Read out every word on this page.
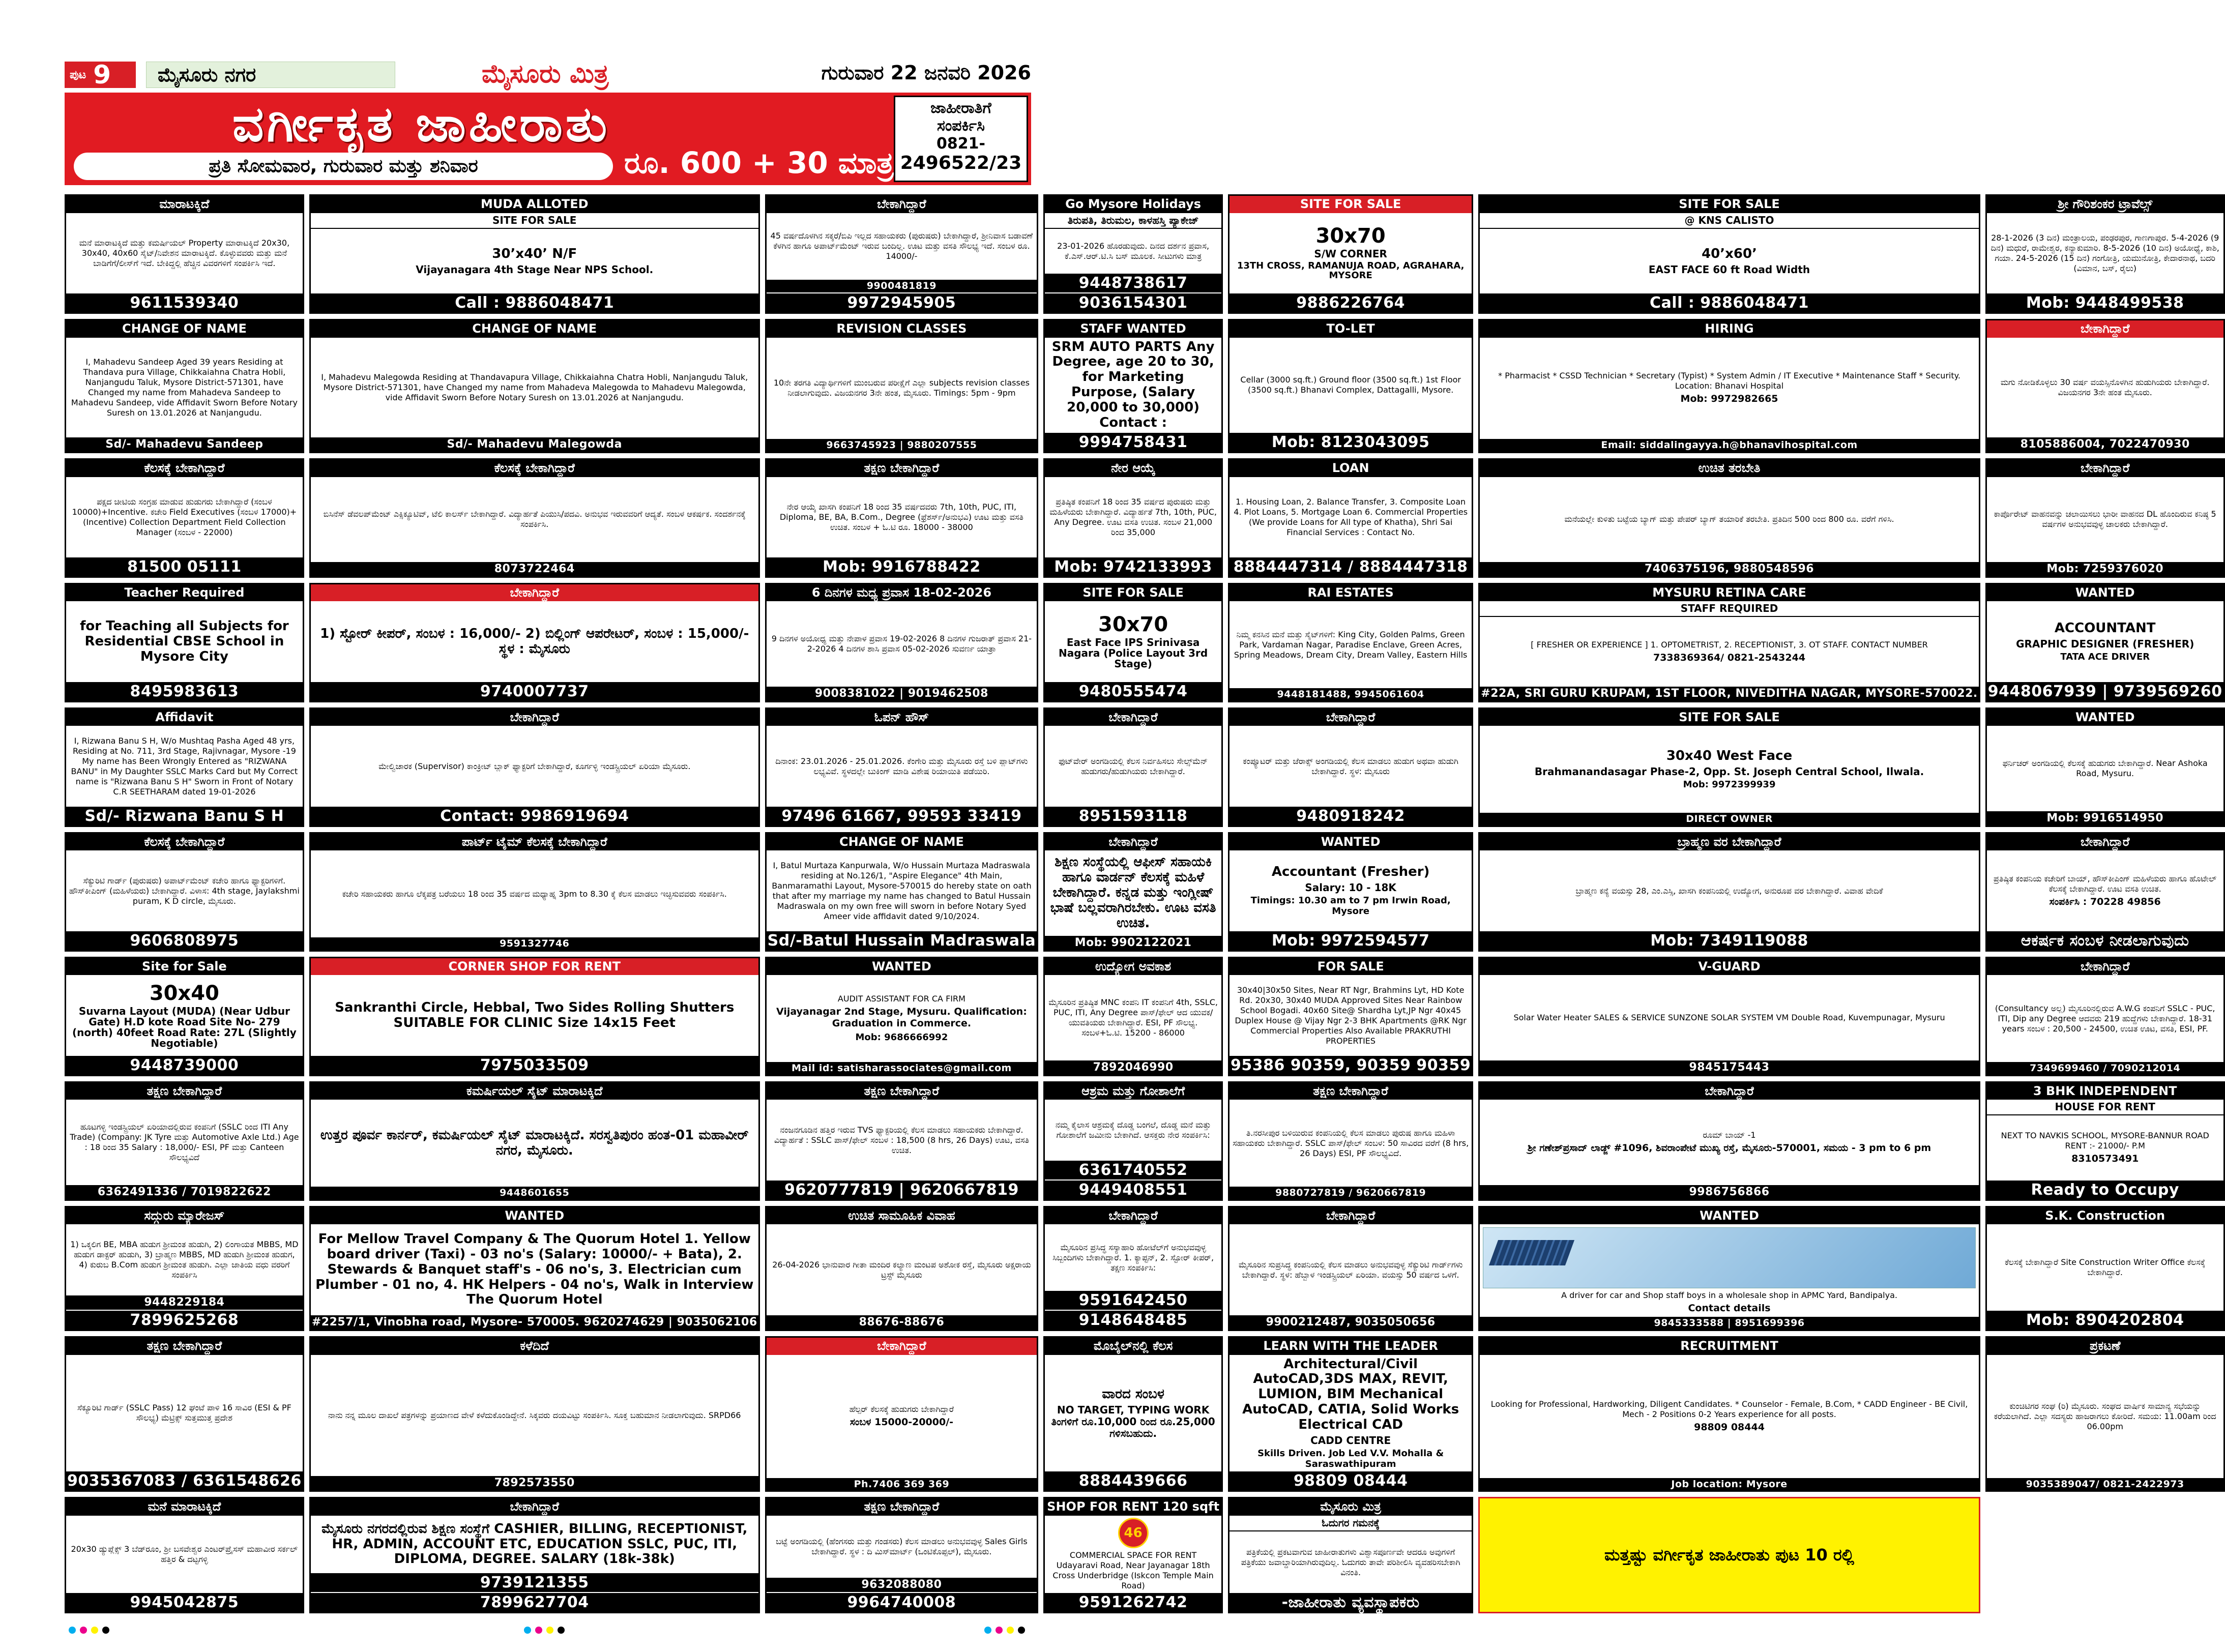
ಪುಟ 9	ಮೈಸೂರು ನಗರ	ಮೈಸೂರು ಮಿತ್ರ	ಗುರುವಾರ 22 ಜನವರಿ 2026
ವರ್ಗೀಕೃತ ಜಾಹೀರಾತು
ಪ್ರತಿ ಸೋಮವಾರ, ಗುರುವಾರ ಮತ್ತು ಶನಿವಾರ	ರೂ. 600 + 30 ಮಾತ್ರ
ಜಾಹೀರಾತಿಗೆ
ಸಂಪರ್ಕಿಸಿ
0821-
2496522/23
ಮಾರಾಟಕ್ಕಿದೆ
ಮನೆ ಮಾರಾಟಕ್ಕಿದೆ ಮತ್ತು ಕಮರ್ಷಿಯಲ್ Property ಮಾರಾಟಕ್ಕಿದೆ 20x30, 30x40, 40x60 ಸೈಟ್/ನಿವೇಶನ ಮಾರಾಟಕ್ಕಿದೆ. ಕೊಳ್ಳುವವರು ಮತ್ತು ಮನೆ ಬಾಡಿಗೆಗೆ/ಲೀಸ್‌ಗೆ ಇದೆ. ಬೇಕಿದ್ದಲ್ಲಿ ಹೆಚ್ಚಿನ ವಿವರಗಳಿಗೆ ಸಂಪರ್ಕಿಸಿ ಇದೆ.
9611539340
MUDA ALLOTED
SITE FOR SALE
30’x40’ N/F
Vijayanagara 4th Stage Near NPS School.
Call : 9886048471
ಬೇಕಾಗಿದ್ದಾರೆ
45 ವರ್ಷದೊಳಗಿನ ಸಕ್ಕರೆ/ಬಿಪಿ ಇಲ್ಲದ ಸಹಾಯಕರು (ಪುರುಷರು) ಬೇಕಾಗಿದ್ದಾರೆ, ಶ್ರೀನಿವಾಸ ಬಡಾವಣೆ ಕೆಳಗಿನ ಹಾಗೂ ಅಪಾರ್ಟ್‌ಮೆಂಟ್ ಇರುವ ಬಂದಿಲ್ಲ. ಊಟ ಮತ್ತು ವಸತಿ ಸೌಲಭ್ಯ ಇದೆ. ಸಂಬಳ ರೂ. 14000/-
9900481819
9972945905
Go Mysore Holidays
ತಿರುಪತಿ, ತಿರುಮಲ, ಕಾಳಹಸ್ತಿ ಪ್ಯಾಕೇಜ್
23-01-2026 ಹೊರಡುವುದು. ದಿನದ ದರ್ಶನ ಪ್ರವಾಸ, ಕೆ.ಎಸ್.ಆರ್.ಟಿ.ಸಿ ಬಸ್ ಮೂಲಕ. ಸೀಟುಗಳು ಮಾತ್ರ
9448738617
9036154301
SITE FOR SALE
30x70
S/W CORNER
13TH CROSS, RAMANUJA ROAD, AGRAHARA, MYSORE
9886226764
SITE FOR SALE
@ KNS CALISTO
40’x60’
EAST FACE 60 ft Road Width
Call : 9886048471
ಶ್ರೀ ಗೌರಿಶಂಕರ ಟ್ರಾವೆಲ್ಸ್
28-1-2026 (3 ದಿನ) ಮಂತ್ರಾಲಯ, ಪಂಢರಪುರ, ಗಾಣಗಾಪುರ. 5-4-2026 (9 ದಿನ) ಮಧುರೆ, ರಾಮೇಶ್ವರ, ಕನ್ಯಾಕುಮಾರಿ. 8-5-2026 (10 ದಿನ) ಅಯೋಧ್ಯೆ, ಕಾಶಿ, ಗಯಾ. 24-5-2026 (15 ದಿನ) ಗಂಗೋತ್ರಿ, ಯಮುನೋತ್ರಿ, ಕೇದಾರನಾಥ, ಬದರಿ (ವಿಮಾನ, ಬಸ್, ರೈಲು)
Mob: 9448499538
CHANGE OF NAME
I, Mahadevu Sandeep Aged 39 years Residing at Thandava pura Village, Chikkaiahna Chatra Hobli, Nanjangudu Taluk, Mysore District-571301, have Changed my name from Mahadeva Sandeep to Mahadevu Sandeep, vide Affidavit Sworn Before Notary Suresh on 13.01.2026 at Nanjangudu.
Sd/- Mahadevu Sandeep
CHANGE OF NAME
I, Mahadevu Malegowda Residing at Thandavapura Village, Chikkaiahna Chatra Hobli, Nanjangudu Taluk, Mysore District-571301, have Changed my name from Mahadeva Malegowda to Mahadevu Malegowda, vide Affidavit Sworn Before Notary Suresh on 13.01.2026 at Nanjangudu.
Sd/- Mahadevu Malegowda
REVISION CLASSES
10ನೇ ತರಗತಿ ವಿದ್ಯಾರ್ಥಿಗಳಿಗೆ ಮುಂಬರುವ ಪರೀಕ್ಷೆಗೆ ಎಲ್ಲಾ subjects revision classes ನೀಡಲಾಗುವುದು. ವಿಜಯನಗರ 3ನೇ ಹಂತ, ಮೈಸೂರು. Timings: 5pm - 9pm
9663745923 | 9880207555
STAFF WANTED
SRM AUTO PARTS Any Degree, age 20 to 30, for Marketing Purpose, (Salary 20,000 to 30,000) Contact :
9994758431
TO-LET
Cellar (3000 sq.ft.) Ground floor (3500 sq.ft.) 1st Floor (3500 sq.ft.) Bhanavi Complex, Dattagalli, Mysore.
Mob: 8123043095
HIRING
* Pharmacist * CSSD Technician * Secretary (Typist) * System Admin / IT Executive * Maintenance Staff * Security. Location: Bhanavi Hospital
Mob: 9972982665
Email: siddalingayya.h@bhanavihospital.com
ಬೇಕಾಗಿದ್ದಾರೆ
ಮಗು ನೋಡಿಕೊಳ್ಳಲು 30 ವರ್ಷ ವಯಸ್ಸಿನೊಳಗಿನ ಹುಡುಗಿಯರು ಬೇಕಾಗಿದ್ದಾರೆ. ವಿಜಯನಗರ 3ನೇ ಹಂತ ಮೈಸೂರು.
8105886004, 7022470930
ಕೆಲಸಕ್ಕೆ ಬೇಕಾಗಿದ್ದಾರೆ
ಪಕ್ಷದ ಚೀಟಿಯ ಸಂಗ್ರಹ ಮಾಡುವ ಹುಡುಗರು ಬೇಕಾಗಿದ್ದಾರೆ (ಸಂಬಳ 10000)+Incentive. ಕಚೇರಿ Field Executives (ಸಂಬಳ 17000)+(Incentive) Collection Department Field Collection Manager (ಸಂಬಳ - 22000)
81500 05111
ಕೆಲಸಕ್ಕೆ ಬೇಕಾಗಿದ್ದಾರೆ
ಬಿಸಿನೆಸ್ ಡೆವಲಪ್‌ಮೆಂಟ್ ಎಕ್ಸಿಕ್ಯೂಟಿವ್, ಟೆಲಿ ಕಾಲರ್ಸ್ ಬೇಕಾಗಿದ್ದಾರೆ. ವಿದ್ಯಾರ್ಹತೆ ಪಿಯುಸಿ/ಪದವಿ. ಅನುಭವ ಇರುವವರಿಗೆ ಆದ್ಯತೆ. ಸಂಬಳ ಆಕರ್ಷಕ. ಸಂದರ್ಶನಕ್ಕೆ ಸಂಪರ್ಕಿಸಿ.
8073722464
ತಕ್ಷಣ ಬೇಕಾಗಿದ್ದಾರೆ
ನೇರ ಆಯ್ಕೆ ಖಾಸಗಿ ಕಂಪನಿಗೆ 18 ರಿಂದ 35 ವರ್ಷದವರು 7th, 10th, PUC, ITI, Diploma, BE, BA, B.Com., Degree (ಫ್ರೆಶರ್ಸ್/ಅನುಭವಿ) ಊಟ ಮತ್ತು ವಸತಿ ಉಚಿತ. ಸಂಬಳ + ಓ.ಟಿ ರೂ. 18000 - 38000
Mob: 9916788422
ನೇರ ಆಯ್ಕೆ
ಪ್ರತಿಷ್ಠಿತ ಕಂಪನಿಗೆ 18 ರಿಂದ 35 ವರ್ಷದ ಪುರುಷರು ಮತ್ತು ಮಹಿಳೆಯರು ಬೇಕಾಗಿದ್ದಾರೆ. ವಿದ್ಯಾರ್ಹತೆ 7th, 10th, PUC, Any Degree. ಊಟ ವಸತಿ ಉಚಿತ. ಸಂಬಳ 21,000 ರಿಂದ 35,000
Mob: 9742133993
LOAN
1. Housing Loan, 2. Balance Transfer, 3. Composite Loan 4. Plot Loans, 5. Mortgage Loan 6. Commercial Properties (We provide Loans for All type of Khatha), Shri Sai Financial Services : Contact No.
8884447314 / 8884447318
ಉಚಿತ ತರಬೇತಿ
ಮನೆಯಲ್ಲೇ ಕುಳಿತು ಬಟ್ಟೆಯ ಬ್ಯಾಗ್ ಮತ್ತು ಪೇಪರ್ ಬ್ಯಾಗ್ ತಯಾರಿಕೆ ತರಬೇತಿ. ಪ್ರತಿದಿನ 500 ರಿಂದ 800 ರೂ. ವರೆಗೆ ಗಳಿಸಿ.
7406375196, 9880548596
ಬೇಕಾಗಿದ್ದಾರೆ
ಕಾರ್ಪೊರೇಟ್ ವಾಹನವನ್ನು ಚಲಾಯಿಸಲು ಭಾರೀ ವಾಹನದ DL ಹೊಂದಿರುವ ಕನಿಷ್ಠ 5 ವರ್ಷಗಳ ಅನುಭವವುಳ್ಳ ಚಾಲಕರು ಬೇಕಾಗಿದ್ದಾರೆ.
Mob: 7259376020
Teacher Required
for Teaching all Subjects for Residential CBSE School in Mysore City
8495983613
ಬೇಕಾಗಿದ್ದಾರೆ
1) ಸ್ಟೋರ್ ಕೀಪರ್, ಸಂಬಳ : 16,000/- 2) ಬಿಲ್ಲಿಂಗ್ ಆಪರೇಟರ್, ಸಂಬಳ : 15,000/- ಸ್ಥಳ : ಮೈಸೂರು
9740007737
6 ದಿನಗಳ ಮಧ್ಯ ಪ್ರವಾಸ 18-02-2026
9 ದಿನಗಳ ಅಯೋಧ್ಯ ಮತ್ತು ನೇಪಾಳ ಪ್ರವಾಸ 19-02-2026 8 ದಿನಗಳ ಗುಜರಾತ್ ಪ್ರವಾಸ 21-2-2026 4 ದಿನಗಳ ಶಾಸಿ ಪ್ರವಾಸ 05-02-2026 ಸುವರ್ಣ ಯಾತ್ರಾ
9008381022 | 9019462508
SITE FOR SALE
30x70
East Face IPS Srinivasa Nagara (Police Layout 3rd Stage)
9480555474
RAI ESTATES
ನಿಮ್ಮ ಕನಸಿನ ಮನೆ ಮತ್ತು ಸೈಟ್‌ಗಳಿಗೆ: King City, Golden Palms, Green Park, Vardaman Nagar, Paradise Enclave, Green Acres, Spring Meadows, Dream City, Dream Valley, Eastern Hills
9448181488, 9945061604
MYSURU RETINA CARE
STAFF REQUIRED
[ FRESHER OR EXPERIENCE ] 1. OPTOMETRIST, 2. RECEPTIONIST, 3. OT STAFF. CONTACT NUMBER
7338369364/ 0821-2543244
#22A, SRI GURU KRUPAM, 1ST FLOOR, NIVEDITHA NAGAR, MYSORE-570022.
WANTED
ACCOUNTANT
GRAPHIC DESIGNER (FRESHER)
TATA ACE DRIVER
9448067939 | 9739569260
Affidavit
I, Rizwana Banu S H, W/o Mushtaq Pasha Aged 48 yrs, Residing at No. 711, 3rd Stage, Rajivnagar, Mysore -19 My name has Been Wrongly Entered as "RIZWANA BANU" in My Daughter SSLC Marks Card but My Correct name is "Rizwana Banu S H" Sworn in Front of Notary C.R SEETHARAM dated 19-01-2026
Sd/- Rizwana Banu S H
ಬೇಕಾಗಿದ್ದಾರೆ
ಮೇಲ್ವಿಚಾರಕ (Supervisor) ಕಾಂಕ್ರೀಟ್ ಬ್ಲಾಕ್ ಫ್ಯಾಕ್ಟರಿಗೆ ಬೇಕಾಗಿದ್ದಾರೆ, ಕೂರ್ಗಳ್ಳಿ ಇಂಡಸ್ಟ್ರಿಯಲ್ ಏರಿಯಾ ಮೈಸೂರು.
Contact: 9986919694
ಓಪನ್ ಹೌಸ್
ದಿನಾಂಕ: 23.01.2026 - 25.01.2026. ಕೆಂಗೇರಿ ಮತ್ತು ಮೈಸೂರು ರಸ್ತೆ ಬಳಿ ಪ್ಲಾಟ್‌ಗಳು ಲಭ್ಯವಿವೆ. ಸ್ಥಳದಲ್ಲೇ ಬುಕಿಂಗ್ ಮಾಡಿ ವಿಶೇಷ ರಿಯಾಯಿತಿ ಪಡೆಯಿರಿ.
97496 61667, 99593 33419
ಬೇಕಾಗಿದ್ದಾರೆ
ಫುಟ್‌ವೇರ್ ಅಂಗಡಿಯಲ್ಲಿ ಕೆಲಸ ನಿರ್ವಹಿಸಲು ಸೇಲ್ಸ್‌ಮೆನ್ ಹುಡುಗರು/ಹುಡುಗಿಯರು ಬೇಕಾಗಿದ್ದಾರೆ.
8951593118
ಬೇಕಾಗಿದ್ದಾರೆ
ಕಂಪ್ಯೂಟರ್ ಮತ್ತು ಜೆರಾಕ್ಸ್ ಅಂಗಡಿಯಲ್ಲಿ ಕೆಲಸ ಮಾಡಲು ಹುಡುಗ ಅಥವಾ ಹುಡುಗಿ ಬೇಕಾಗಿದ್ದಾರೆ. ಸ್ಥಳ: ಮೈಸೂರು
9480918242
SITE FOR SALE
30x40 West Face
Brahmanandasagar Phase-2, Opp. St. Joseph Central School, Ilwala.
Mob: 9972399939
DIRECT OWNER
WANTED
ಫರ್ನಿಚರ್ ಅಂಗಡಿಯಲ್ಲಿ ಕೆಲಸಕ್ಕೆ ಹುಡುಗರು ಬೇಕಾಗಿದ್ದಾರೆ. Near Ashoka Road, Mysuru.
Mob: 9916514950
ಕೆಲಸಕ್ಕೆ ಬೇಕಾಗಿದ್ದಾರೆ
ಸೆಕ್ಯುರಿಟಿ ಗಾರ್ಡ್ (ಪುರುಷರು) ಅಪಾರ್ಟ್‌ಮೆಂಟ್ ಕಚೇರಿ ಹಾಗೂ ಫ್ಯಾಕ್ಟರಿಗಳಿಗೆ. ಹೌಸ್‌ಕೀಪಿಂಗ್ (ಮಹಿಳೆಯರು) ಬೇಕಾಗಿದ್ದಾರೆ. ವಿಳಾಸ: 4th stage, Jaylakshmi puram, K D circle, ಮೈಸೂರು.
9606808975
ಪಾರ್ಟ್ ಟೈಮ್ ಕೆಲಸಕ್ಕೆ ಬೇಕಾಗಿದ್ದಾರೆ
ಕಚೇರಿ ಸಹಾಯಕರು ಹಾಗೂ ಲೆಕ್ಕಪತ್ರ ಬರೆಯಲು 18 ರಿಂದ 35 ವರ್ಷದ ಮಧ್ಯಾಹ್ನ 3pm to 8.30 ಕ್ಕೆ ಕೆಲಸ ಮಾಡಲು ಇಚ್ಛಿಸುವವರು ಸಂಪರ್ಕಿಸಿ.
9591327746
CHANGE OF NAME
I, Batul Murtaza Kanpurwala, W/o Hussain Murtaza Madraswala residing at No.126/1, "Aspire Elegance" 4th Main, Banmaramathi Layout, Mysore-570015 do hereby state on oath that after my marriage my name has changed to Batul Hussain Madraswala on my own free will sworn in before Notary Syed Ameer vide affidavit dated 9/10/2024.
Sd/-Batul Hussain Madraswala
ಬೇಕಾಗಿದ್ದಾರೆ
ಶಿಕ್ಷಣ ಸಂಸ್ಥೆಯಲ್ಲಿ ಆಫೀಸ್ ಸಹಾಯಕಿ ಹಾಗೂ ವಾರ್ಡನ್ ಕೆಲಸಕ್ಕೆ ಮಹಿಳೆ ಬೇಕಾಗಿದ್ದಾರೆ. ಕನ್ನಡ ಮತ್ತು ಇಂಗ್ಲೀಷ್ ಭಾಷೆ ಬಲ್ಲವರಾಗಿರಬೇಕು. ಊಟ ವಸತಿ ಉಚಿತ.
Mob: 9902122021
WANTED
Accountant (Fresher)
Salary: 10 - 18K
Timings: 10.30 am to 7 pm Irwin Road, Mysore
Mob: 9972594577
ಬ್ರಾಹ್ಮಣ ವರ ಬೇಕಾಗಿದ್ದಾರೆ
ಬ್ರಾಹ್ಮಣ ಕನ್ಯೆ ವಯಸ್ಸು 28, ಎಂ.ಎಸ್ಸಿ, ಖಾಸಗಿ ಕಂಪನಿಯಲ್ಲಿ ಉದ್ಯೋಗ, ಅನುರೂಪ ವರ ಬೇಕಾಗಿದ್ದಾರೆ. ವಿವಾಹ ವೇದಿಕೆ
Mob: 7349119088
ಬೇಕಾಗಿದ್ದಾರೆ
ಪ್ರತಿಷ್ಠಿತ ಕಂಪನಿಯ ಕಚೇರಿಗೆ ಬಾಯ್, ಹೌಸ್‌ಕೀಪಿಂಗ್ ಮಹಿಳೆಯರು ಹಾಗೂ ಹೊಟೇಲ್ ಕೆಲಸಕ್ಕೆ ಬೇಕಾಗಿದ್ದಾರೆ. ಊಟ ವಸತಿ ಉಚಿತ.
ಸಂಪರ್ಕಿಸಿ : 70228 49856
ಆಕರ್ಷಕ ಸಂಬಳ ನೀಡಲಾಗುವುದು
Site for Sale
30x40
Suvarna Layout (MUDA) (Near Udbur Gate) H.D kote Road Site No- 279 (north) 40feet Road Rate: 27L (Slightly Negotiable)
9448739000
CORNER SHOP FOR RENT
Sankranthi Circle, Hebbal, Two Sides Rolling Shutters SUITABLE FOR CLINIC Size 14x15 Feet
7975033509
WANTED
AUDIT ASSISTANT FOR CA FIRM
Vijayanagar 2nd Stage, Mysuru. Qualification: Graduation in Commerce.
Mob: 9686666992
Mail id: satisharassociates@gmail.com
ಉದ್ಯೋಗ ಅವಕಾಶ
ಮೈಸೂರಿನ ಪ್ರತಿಷ್ಠಿತ MNC ಕಂಪನಿ IT ಕಂಪನಿಗೆ 4th, SSLC, PUC, ITI, Any Degree ಪಾಸ್/ಫೇಲ್ ಆದ ಯುವಕ/ಯುವತಿಯರು ಬೇಕಾಗಿದ್ದಾರೆ. ESI, PF ಸೌಲಭ್ಯ. ಸಂಬಳ+ಓ.ಟಿ. 15200 - 86000
7892046990
FOR SALE
30x40|30x50 Sites, Near RT Ngr, Brahmins Lyt, HD Kote Rd. 20x30, 30x40 MUDA Approved Sites Near Rainbow School Bogadi. 40x60 Site@ Shardha Lyt,JP Ngr 40x45 Duplex House @ Vijay Ngr 2-3 BHK Apartments @RK Ngr Commercial Properties Also Available PRAKRUTHI PROPERTIES
95386 90359, 90359 90359
V-GUARD
Solar Water Heater SALES & SERVICE SUNZONE SOLAR SYSTEM VM Double Road, Kuvempunagar, Mysuru
9845175443
ಬೇಕಾಗಿದ್ದಾರೆ
(Consultancy ಅಲ್ಲ) ಮೈಸೂರಿನಲ್ಲಿರುವ A.W.G ಕಂಪನಿಗೆ SSLC - PUC, ITI, Dip any Degree ಆದವರು 219 ಹುದ್ದೆಗಳು ಬೇಕಾಗಿದ್ದಾರೆ. 18-31 years ಸಂಬಳ : 20,500 - 24500, ಉಚಿತ ಊಟ, ವಸತಿ, ESI, PF.
7349699460 / 7090212014
ತಕ್ಷಣ ಬೇಕಾಗಿದ್ದಾರೆ
ಹೂಟಗಳ್ಳಿ ಇಂಡಸ್ಟ್ರಿಯಲ್ ಏರಿಯಾದಲ್ಲಿರುವ ಕಂಪನಿಗೆ (SSLC ರಿಂದ ITI Any Trade) (Company: JK Tyre ಮತ್ತು Automotive Axle Ltd.) Age : 18 ರಿಂದ 35 Salary : 18,000/- ESI, PF ಮತ್ತು Canteen ಸೌಲಭ್ಯವಿದೆ
6362491336 / 7019822622
ಕಮರ್ಷಿಯಲ್ ಸೈಟ್ ಮಾರಾಟಕ್ಕಿದೆ
ಉತ್ತರ ಪೂರ್ವ ಕಾರ್ನರ್, ಕಮರ್ಷಿಯಲ್ ಸೈಟ್ ಮಾರಾಟಕ್ಕಿದೆ. ಸರಸ್ವತಿಪುರಂ ಹಂತ-01 ಮಹಾವೀರ್ ನಗರ, ಮೈಸೂರು.
9448601655
ತಕ್ಷಣ ಬೇಕಾಗಿದ್ದಾರೆ
ನಂಜನಗೂಡಿನ ಹತ್ತಿರ ಇರುವ TVS ಫ್ಯಾಕ್ಟರಿಯಲ್ಲಿ ಕೆಲಸ ಮಾಡಲು ಸಹಾಯಕರು ಬೇಕಾಗಿದ್ದಾರೆ. ವಿದ್ಯಾರ್ಹತೆ : SSLC ಪಾಸ್/ಫೇಲ್ ಸಂಬಳ : 18,500 (8 hrs, 26 Days) ಊಟ, ವಸತಿ ಉಚಿತ.
9620777819 | 9620667819
ಆಶ್ರಮ ಮತ್ತು ಗೋಶಾಲೆಗೆ
ನಮ್ಮ ಕೈಲಾಸ ಆಶ್ರಮಕ್ಕೆ ದೊಡ್ಡ ಬಂಗಲೆ, ದೊಡ್ಡ ಮನೆ ಮತ್ತು ಗೋಶಾಲೆಗೆ ಜಮೀನು ಬೇಕಾಗಿದೆ. ಆಸಕ್ತರು ನೇರ ಸಂಪರ್ಕಿಸಿ:
6361740552
9449408551
ತಕ್ಷಣ ಬೇಕಾಗಿದ್ದಾರೆ
ತಿ.ನರಸೀಪುರ ಬಳಿಯಿರುವ ಕಂಪನಿಯಲ್ಲಿ ಕೆಲಸ ಮಾಡಲು ಪುರುಷ ಹಾಗೂ ಮಹಿಳಾ ಸಹಾಯಕರು ಬೇಕಾಗಿದ್ದಾರೆ. SSLC ಪಾಸ್/ಫೇಲ್ ಸಂಬಳ: 50 ಸಾವಿರದ ವರೆಗೆ (8 hrs, 26 Days) ESI, PF ಸೌಲಭ್ಯವಿದೆ.
9880727819 / 9620667819
ಬೇಕಾಗಿದ್ದಾರೆ
ರೂಮ್ ಬಾಯ್ -1
ಶ್ರೀ ಗಣೇಶ್‌ಪ್ರಸಾದ್ ಲಾಡ್ಜ್ #1096, ಶಿವರಾಂಪೇಟೆ ಮುಖ್ಯ ರಸ್ತೆ, ಮೈಸೂರು-570001, ಸಮಯ - 3 pm to 6 pm
9986756866
3 BHK INDEPENDENT
HOUSE FOR RENT
NEXT TO NAVKIS SCHOOL, MYSORE-BANNUR ROAD RENT :- 21000/- P.M
8310573491
Ready to Occupy
ಸದ್ಗುರು ಮ್ಯಾರೇಜಸ್
1) ಒಕ್ಕಲಿಗ BE, MBA ಹುಡುಗ ಶ್ರೀಮಂತ ಹುಡುಗಿ, 2) ಲಿಂಗಾಯತ MBBS, MD ಹುಡುಗ ಡಾಕ್ಟರ್ ಹುಡುಗಿ, 3) ಬ್ರಾಹ್ಮಣ MBBS, MD ಹುಡುಗಿ ಶ್ರೀಮಂತ ಹುಡುಗ, 4) ಕುರುಬ B.Com ಹುಡುಗ ಶ್ರೀಮಂತ ಹುಡುಗಿ. ಎಲ್ಲಾ ಜಾತಿಯ ವಧು ವರರಿಗೆ ಸಂಪರ್ಕಿಸಿ
9448229184
7899625268
WANTED
For Mellow Travel Company & The Quorum Hotel 1. Yellow board driver (Taxi) - 03 no's (Salary: 10000/- + Bata), 2. Stewards & Banquet staff's - 06 no's, 3. Electrician cum Plumber - 01 no, 4. HK Helpers - 04 no's, Walk in Interview The Quorum Hotel
#2257/1, Vinobha road, Mysore- 570005. 9620274629 | 9035062106
ಉಚಿತ ಸಾಮೂಹಿಕ ವಿವಾಹ
26-04-2026 ಭಾನುವಾರ ಗೀತಾ ಮಂದಿರ ಕಲ್ಯಾಣ ಮಂಟಪ ಅಶೋಕ ರಸ್ತೆ, ಮೈಸೂರು ಅಕ್ಷರಾಯ ಟ್ರಸ್ಟ್ ಮೈಸೂರು
88676-88676
ಬೇಕಾಗಿದ್ದಾರೆ
ಮೈಸೂರಿನ ಪ್ರಸಿದ್ಧ ಸಸ್ಯಾಹಾರಿ ಹೋಟೆಲ್‌ಗೆ ಅನುಭವವುಳ್ಳ ಸಿಬ್ಬಂದಿಗಳು ಬೇಕಾಗಿದ್ದಾರೆ. 1. ಕ್ಯಾಪ್ಟನ್, 2. ಸ್ಟೋರ್ ಕೀಪರ್, ತಕ್ಷಣ ಸಂಪರ್ಕಿಸಿ:
9591642450
9148648485
ಬೇಕಾಗಿದ್ದಾರೆ
ಮೈಸೂರಿನ ಸುಪ್ರಸಿದ್ಧ ಕಂಪನಿಯಲ್ಲಿ ಕೆಲಸ ಮಾಡಲು ಅನುಭವವುಳ್ಳ ಸೆಕ್ಯುರಿಟಿ ಗಾರ್ಡ್‌ಗಳು ಬೇಕಾಗಿದ್ದಾರೆ. ಸ್ಥಳ: ಹೆಬ್ಬಾಳ ಇಂಡಸ್ಟ್ರಿಯಲ್ ಏರಿಯಾ. ವಯಸ್ಸು 50 ವರ್ಷದ ಒಳಗೆ.
9900212487, 9035050656
WANTED
A driver for car and Shop staff boys in a wholesale shop in APMC Yard, Bandipalya.
Contact details
9845333588 | 8951699396
S.K. Construction
ಕೆಲಸಕ್ಕೆ ಬೇಕಾಗಿದ್ದಾರೆ Site Construction Writer Office ಕೆಲಸಕ್ಕೆ ಬೇಕಾಗಿದ್ದಾರೆ.
Mob: 8904202804
ತಕ್ಷಣ ಬೇಕಾಗಿದ್ದಾರೆ
ಸೆಕ್ಯೂರಿಟಿ ಗಾರ್ಡ್ (SSLC Pass) 12 ಘಂಟೆ ಪಾಳಿ 16 ಸಾವಿರ (ESI & PF ಸೌಲಭ್ಯ) ಮೆಟ್ರಿಕ್ಸ್ ಸುತ್ತಮುತ್ತ ಪ್ರದೇಶ
9035367083 / 6361548626
ಕಳೆದಿದೆ
ನಾನು ನನ್ನ ಮೂಲ ದಾಖಲೆ ಪತ್ರಗಳನ್ನು ಪ್ರಯಾಣದ ವೇಳೆ ಕಳೆದುಕೊಂಡಿದ್ದೇನೆ. ಸಿಕ್ಕವರು ದಯವಿಟ್ಟು ಸಂಪರ್ಕಿಸಿ. ಸೂಕ್ತ ಬಹುಮಾನ ನೀಡಲಾಗುವುದು. SRPD66
7892573550
ಬೇಕಾಗಿದ್ದಾರೆ
ಹೆಲ್ಪರ್ ಕೆಲಸಕ್ಕೆ ಹುಡುಗರು ಬೇಕಾಗಿದ್ದಾರೆ
ಸಂಬಳ 15000-20000/-
Ph.7406 369 369
ಮೊಬೈಲ್‌ನಲ್ಲಿ ಕೆಲಸ
ವಾರದ ಸಂಬಳ
NO TARGET, TYPING WORK ತಿಂಗಳಿಗೆ ರೂ.10,000 ರಿಂದ ರೂ.25,000 ಗಳಿಸಬಹುದು.
8884439666
LEARN WITH THE LEADER
Architectural/Civil AutoCAD,3DS MAX, REVIT, LUMION, BIM Mechanical AutoCAD, CATIA, Solid Works Electrical CAD
CADD CENTRE
Skills Driven. Job Led V.V. Mohalla & Saraswathipuram
98809 08444
RECRUITMENT
Looking for Professional, Hardworking, Diligent Candidates. * Counselor - Female, B.Com, * CADD Engineer - BE Civil, Mech - 2 Positions 0-2 Years experience for all posts.
98809 08444
Job location: Mysore
ಪ್ರಕಟಣೆ
ಕುಂಚಿಟಿಗರ ಸಂಘ (ರಿ) ಮೈಸೂರು. ಸಂಘದ ವಾರ್ಷಿಕ ಸಾಮಾನ್ಯ ಸಭೆಯನ್ನು ಕರೆಯಲಾಗಿದೆ. ಎಲ್ಲಾ ಸದಸ್ಯರು ಹಾಜರಾಗಲು ಕೋರಿದೆ. ಸಮಯ: 11.00am ರಿಂದ 06.00pm
9035389047/ 0821-2422973
ಮನೆ ಮಾರಾಟಕ್ಕಿದೆ
20x30 ಡ್ಯುಪ್ಲೆಕ್ಸ್ 3 ಬೆಡ್‌ರೂಂ, ಶ್ರೀ ಬಸವೇಶ್ವರ ಎಂಟರ್‌ಪ್ರೈಸಸ್ ಮಹಾವೀರ ಸರ್ಕಲ್ ಹತ್ತಿರ & ದಟ್ಟಗಳ್ಳಿ
9945042875
ಬೇಕಾಗಿದ್ದಾರೆ
ಮೈಸೂರು ನಗರದಲ್ಲಿರುವ ಶಿಕ್ಷಣ ಸಂಸ್ಥೆಗೆ CASHIER, BILLING, RECEPTIONIST, HR, ADMIN, ACCOUNT ETC, EDUCATION SSLC, PUC, ITI, DIPLOMA, DEGREE. SALARY (18k-38k)
9739121355
7899627704
ತಕ್ಷಣ ಬೇಕಾಗಿದ್ದಾರೆ
ಬಟ್ಟೆ ಅಂಗಡಿಯಲ್ಲಿ (ಹೆಂಗಸರು ಮತ್ತು ಗಂಡಸರು) ಕೆಲಸ ಮಾಡಲು ಅನುಭವವುಳ್ಳ Sales Girls ಬೇಕಾಗಿದ್ದಾರೆ. ಸ್ಥಳ : ದಿ ಮಿಸ್‌ಮಾರ್ಟ್ (ಒಂಟಿಕೊಪ್ಪಲ್), ಮೈಸೂರು.
9632088080
9964740008
SHOP FOR RENT 120 sqft
46
COMMERCIAL SPACE FOR RENT Udayaravi Road, Near Jayanagar 18th Cross Underbridge (Iskcon Temple Main Road)
9591262742
ಮೈಸೂರು ಮಿತ್ರ
ಓದುಗರ ಗಮನಕ್ಕೆ
ಪತ್ರಿಕೆಯಲ್ಲಿ ಪ್ರಕಟವಾಗುವ ಜಾಹೀರಾತುಗಳು ವಿಶ್ವಾಸಪೂರ್ಣವೇ ಆದರೂ ಅವುಗಳಿಗೆ ಪತ್ರಿಕೆಯು ಜವಾಬ್ದಾರಿಯಾಗಿರುವುದಿಲ್ಲ. ಓದುಗರು ತಾವೇ ಪರಿಶೀಲಿಸಿ ವ್ಯವಹರಿಸಬೇಕಾಗಿ ವಿನಂತಿ.
-ಜಾಹೀರಾತು ವ್ಯವಸ್ಥಾಪಕರು
ಮತ್ತಷ್ಟು ವರ್ಗೀಕೃತ ಜಾಹೀರಾತು ಪುಟ 10 ರಲ್ಲಿ
